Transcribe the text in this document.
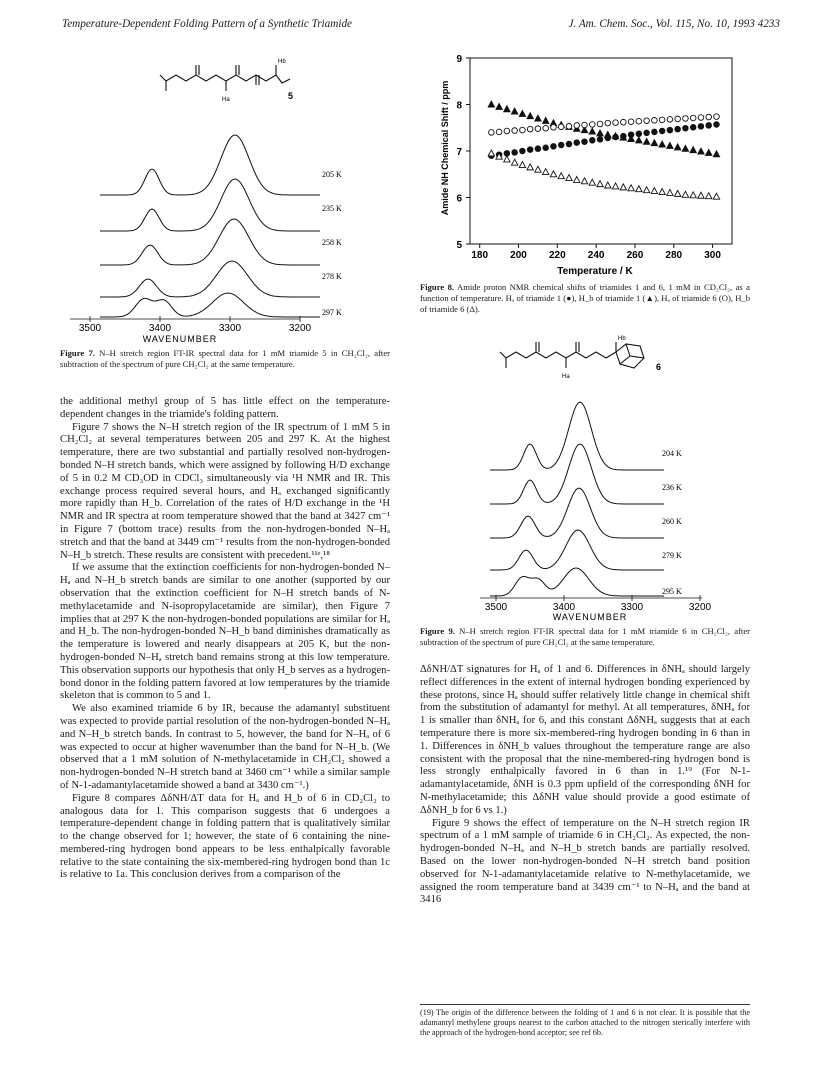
Temperature-Dependent Folding Pattern of a Synthetic Triamide	J. Am. Chem. Soc., Vol. 115, No. 10, 1993 4233
Ha
Hb
5
205 K
235 K
258 K
278 K
297 K
3500	3400	3300	3200
WAVENUMBER
Figure 7. N–H stretch region FT-IR spectral data for 1 mM triamide 5 in CH₂Cl₂, after subtraction of the spectrum of pure CH₂Cl₂ at the same temperature.

the additional methyl group of 5 has little effect on the temperature-dependent changes in the triamide's folding pattern.

Figure 7 shows the N–H stretch region of the IR spectrum of 1 mM 5 in CH₂Cl₂ at several temperatures between 205 and 297 K. At the highest temperature, there are two substantial and partially resolved non-hydrogen-bonded N–H stretch bands, which were assigned by following H/D exchange of 5 in 0.2 M CD₃OD in CDCl₃ simultaneously via ¹H NMR and IR. This exchange process required several hours, and Hₐ exchanged significantly more rapidly than H_b. Correlation of the rates of H/D exchange in the ¹H NMR and IR spectra at room temperature showed that the band at 3427 cm⁻¹ in Figure 7 (bottom trace) results from the non-hydrogen-bonded N–Hₐ stretch and that the band at 3449 cm⁻¹ results from the non-hydrogen-bonded N–H_b stretch. These results are consistent with precedent.¹¹ᵉ,¹⁸

If we assume that the extinction coefficients for non-hydrogen-bonded N–Hₐ and N–H_b stretch bands are similar to one another (supported by our observation that the extinction coefficient for N–H stretch bands of N-methylacetamide and N-isopropylacetamide are similar), then Figure 7 implies that at 297 K the non-hydrogen-bonded populations are similar for Hₐ and H_b. The non-hydrogen-bonded N–H_b band diminishes dramatically as the temperature is lowered and nearly disappears at 205 K, but the non-hydrogen-bonded N–Hₐ stretch band remains strong at this low temperature. This observation supports our hypothesis that only H_b serves as a hydrogen-bond donor in the folding pattern favored at low temperatures by the triamide skeleton that is common to 5 and 1.

We also examined triamide 6 by IR, because the adamantyl substituent was expected to provide partial resolution of the non-hydrogen-bonded N–Hₐ and N–H_b stretch bands. In contrast to 5, however, the band for N–Hₐ of 6 was expected to occur at higher wavenumber than the band for N–H_b. (We observed that a 1 mM solution of N-methylacetamide in CH₂Cl₂ showed a non-hydrogen-bonded N–H stretch band at 3460 cm⁻¹ while a similar sample of N-1-adamantylacetamide showed a band at 3430 cm⁻¹.)

Figure 8 compares ΔδNH/ΔT data for Hₐ and H_b of 6 in CD₂Cl₂ to analogous data for 1. This comparison suggests that 6 undergoes a temperature-dependent change in folding pattern that is qualitatively similar to the change observed for 1; however, the state of 6 containing the nine-membered-ring hydrogen bond appears to be less enthalpically favorable relative to the state containing the six-membered-ring hydrogen bond than 1c is relative to 1a. This conclusion derives from a comparison of the

Amide NH Chemical Shift / ppm
Temperature / K
5
6
7
8
9
180 200 220 240 260 280 300
Figure 8. Amide proton NMR chemical shifts of triamides 1 and 6, 1 mM in CD₂Cl₂, as a function of temperature. Hₐ of triamide 1 (●), H_b of triamide 1 (▲), Hₐ of triamide 6 (O), H_b of triamide 6 (Δ).
Ha
Hb
6
204 K
236 K
260 K
279 K
295 K
3500	3400	3300	3200
WAVENUMBER
Figure 9. N–H stretch region FT-IR spectral data for 1 mM triamide 6 in CH₂Cl₂, after subtraction of the spectrum of pure CH₂Cl₂ at the same temperature.

ΔδNH/ΔT signatures for Hₐ of 1 and 6. Differences in δNHₐ should largely reflect differences in the extent of internal hydrogen bonding experienced by these protons, since Hₐ should suffer relatively little change in chemical shift from the substitution of adamantyl for methyl. At all temperatures, δNHₐ for 1 is smaller than δNHₐ for 6, and this constant ΔδNHₐ suggests that at each temperature there is more six-membered-ring hydrogen bonding in 6 than in 1. Differences in δNH_b values throughout the temperature range are also consistent with the proposal that the nine-membered-ring hydrogen bond is less strongly enthalpically favored in 6 than in 1.¹⁹ (For N-1-adamantylacetamide, δNH is 0.3 ppm upfield of the corresponding δNH for N-methylacetamide; this ΔδNH value should provide a good estimate of ΔδNH_b for 6 vs 1.)

Figure 9 shows the effect of temperature on the N–H stretch region IR spectrum of a 1 mM sample of triamide 6 in CH₂Cl₂. As expected, the non-hydrogen-bonded N–Hₐ and N–H_b stretch bands are partially resolved. Based on the lower non-hydrogen-bonded N–H stretch band position observed for N-1-adamantylacetamide relative to N-methylacetamide, we assigned the room temperature band at 3439 cm⁻¹ to N–Hₐ and the band at 3416

(19) The origin of the difference between the folding of 1 and 6 is not clear. It is possible that the adamantyl methylene groups nearest to the carbon attached to the nitrogen sterically interfere with the approach of the hydrogen-bond acceptor; see ref 6b.
